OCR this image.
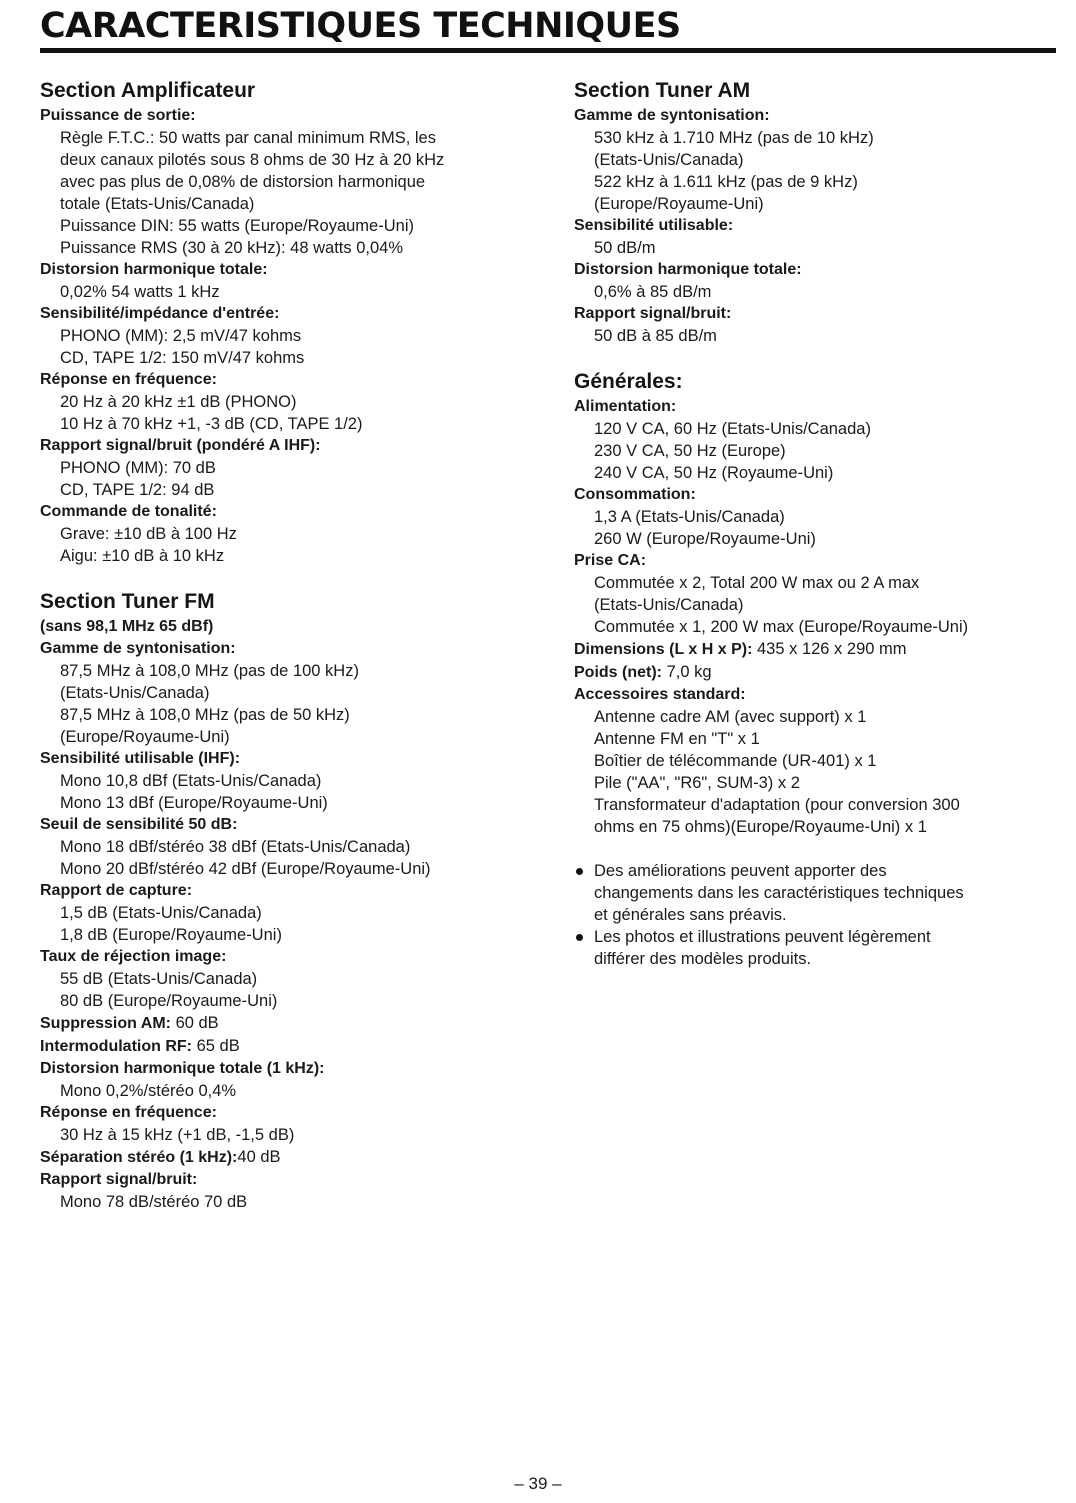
CARACTERISTIQUES TECHNIQUES
Section Amplificateur
Puissance de sortie:
Règle F.T.C.: 50 watts par canal minimum RMS, les
deux canaux pilotés sous 8 ohms de 30 Hz à 20 kHz
avec pas plus de 0,08% de distorsion harmonique
totale (Etats-Unis/Canada)
Puissance DIN: 55 watts (Europe/Royaume-Uni)
Puissance RMS (30 à 20 kHz): 48 watts 0,04%
Distorsion harmonique totale:
0,02% 54 watts 1 kHz
Sensibilité/impédance d'entrée:
PHONO (MM): 2,5 mV/47 kohms
CD, TAPE 1/2: 150 mV/47 kohms
Réponse en fréquence:
20 Hz à 20 kHz ±1 dB (PHONO)
10 Hz à 70 kHz +1, -3 dB (CD, TAPE 1/2)
Rapport signal/bruit (pondéré A IHF):
PHONO (MM): 70 dB
CD, TAPE 1/2: 94 dB
Commande de tonalité:
Grave: ±10 dB à 100 Hz
Aigu: ±10 dB à 10 kHz
Section Tuner FM
(sans 98,1 MHz 65 dBf)
Gamme de syntonisation:
87,5 MHz à 108,0 MHz (pas de 100 kHz)
(Etats-Unis/Canada)
87,5 MHz à 108,0 MHz (pas de 50 kHz)
(Europe/Royaume-Uni)
Sensibilité utilisable (IHF):
Mono 10,8 dBf (Etats-Unis/Canada)
Mono 13 dBf (Europe/Royaume-Uni)
Seuil de sensibilité 50 dB:
Mono 18 dBf/stéréo 38 dBf (Etats-Unis/Canada)
Mono 20 dBf/stéréo 42 dBf (Europe/Royaume-Uni)
Rapport de capture:
1,5 dB (Etats-Unis/Canada)
1,8 dB (Europe/Royaume-Uni)
Taux de réjection image:
55 dB (Etats-Unis/Canada)
80 dB (Europe/Royaume-Uni)
Suppression AM: 60 dB
Intermodulation RF: 65 dB
Distorsion harmonique totale (1 kHz):
Mono 0,2%/stéréo 0,4%
Réponse en fréquence:
30 Hz à 15 kHz (+1 dB, -1,5 dB)
Séparation stéréo (1 kHz):40 dB
Rapport signal/bruit:
Mono 78 dB/stéréo 70 dB
Section Tuner AM
Gamme de syntonisation:
530 kHz à 1.710 MHz (pas de 10 kHz)
(Etats-Unis/Canada)
522 kHz à 1.611 kHz (pas de 9 kHz)
(Europe/Royaume-Uni)
Sensibilité utilisable:
50 dB/m
Distorsion harmonique totale:
0,6% à 85 dB/m
Rapport signal/bruit:
50 dB à 85 dB/m
Générales:
Alimentation:
120 V CA, 60 Hz (Etats-Unis/Canada)
230 V CA, 50 Hz (Europe)
240 V CA, 50 Hz (Royaume-Uni)
Consommation:
1,3 A (Etats-Unis/Canada)
260 W (Europe/Royaume-Uni)
Prise CA:
Commutée x 2, Total 200 W max ou 2 A max
(Etats-Unis/Canada)
Commutée x 1, 200 W max (Europe/Royaume-Uni)
Dimensions (L x H x P): 435 x 126 x 290 mm
Poids (net): 7,0 kg
Accessoires standard:
Antenne cadre AM (avec support) x 1
Antenne FM en "T" x 1
Boîtier de télécommande (UR-401) x 1
Pile ("AA", "R6", SUM-3) x 2
Transformateur d'adaptation (pour conversion 300
ohms en 75 ohms)(Europe/Royaume-Uni) x 1
Des améliorations peuvent apporter des
changements dans les caractéristiques techniques
et générales sans préavis.
Les photos et illustrations peuvent légèrement
différer des modèles produits.
– 39 –
